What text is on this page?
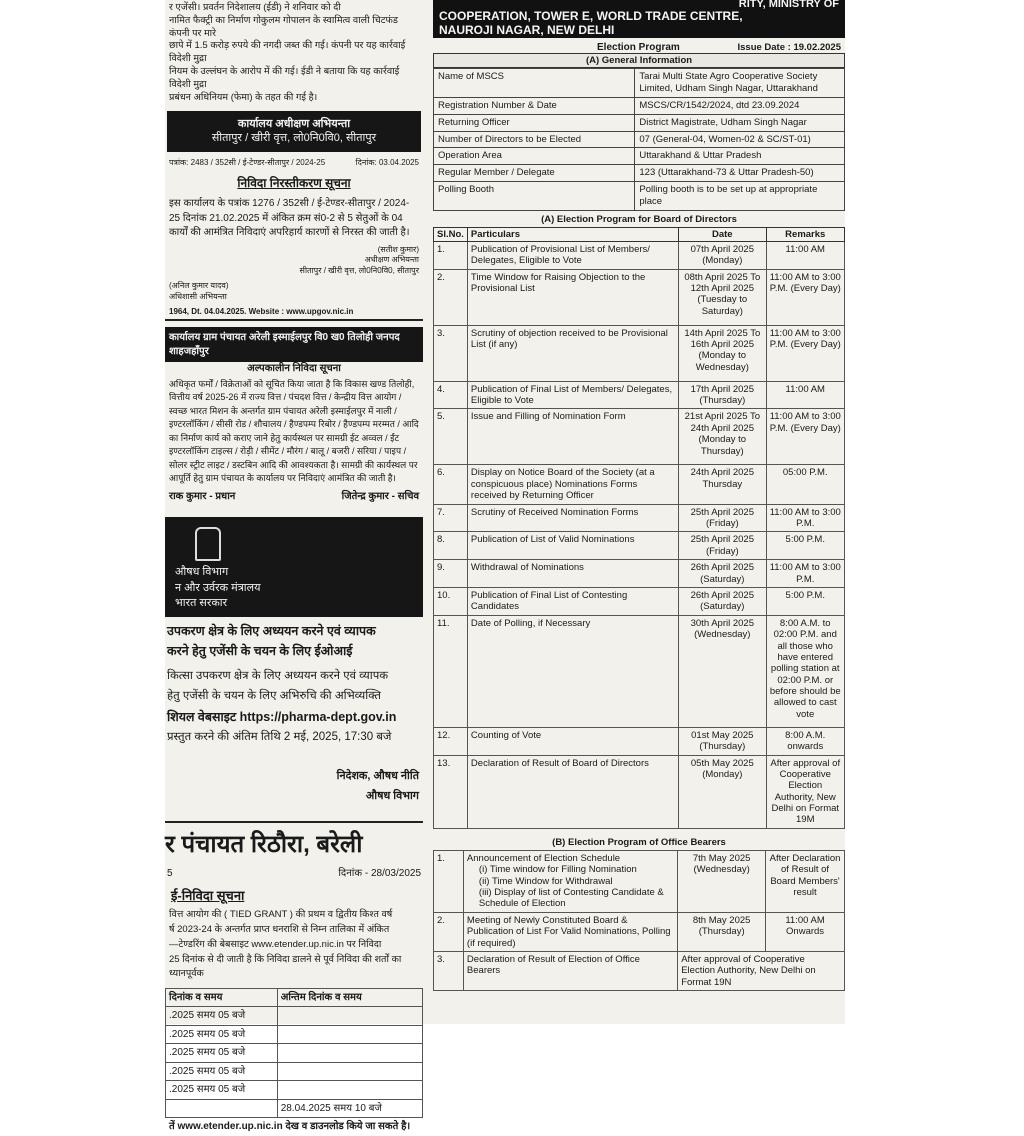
र एजेंसी। प्रवर्तन निदेशालय (ईडी) ने शनिवार को दी
नामित फैक्ट्री का निर्माण गोकुलम गोपालन के स्वामित्व वाली चिटफंड कंपनी पर मारे
छापे में 1.5 करोड़ रुपये की नगदी जब्त की गई। कंपनी पर यह कार्रवाई विदेशी मुद्रा
नियम के उल्लंघन के आरोप में की गई। ईडी ने बताया कि यह कार्रवाई विदेशी मुद्रा
प्रबंधन अधिनियम (फेमा) के तहत की गई है।
कार्यालय अधीक्षण अभियन्ता
सीतापुर / खीरी वृत्त, लो0नि0वि0, सीतापुर
पत्रांक: 2483 / 352सी / ई-टेण्डर-सीतापुर / 2024-25	दिनांक: 03.04.2025
निविदा निरस्तीकरण सूचना
इस कार्यालय के पत्रांक 1276 / 352सी / ई-टेण्डर-सीतापुर / 2024-25 दिनांक 21.02.2025 में अंकित क्रम सं0-2 से 5 सेतुओं के 04 कार्यों की आमंत्रित निविदाएं अपरिहार्य कारणों से निरस्त की जाती है।
(सतीश कुमार)
अधीक्षण अभियन्ता
सीतापुर / खीरी वृत्त, लो0नि0वि0, सीतापुर
(अनिल कुमार यादव)
अधिशासी अभियन्ता
1964, Dt. 04.04.2025. Website : www.upgov.nic.in
कार्यालय ग्राम पंचायत अरेली इस्माईलपुर वि0 ख0 तिलोही जनपद शाहजहाँपुर
अल्पकालीन निविदा सूचना
अधिकृत फर्मों / विक्रेताओं को सूचित किया जाता है कि विकास खण्ड तिलोही, वित्तीय वर्ष 2025-26 में राज्य वित्त / पंचदश वित्त / केन्द्रीय वित्त आयोग / स्वच्छ भारत मिशन के अन्तर्गत ग्राम पंचायत अरेली इस्माईलपुर में नाली / इण्टरलॉकिंग / सीसी रोड / शौचालय / हैण्डपम्प रिबोर / हैण्डपम्प मरम्मत / आदि का निर्माण कार्य को कराए जाने हेतु कार्यस्थल पर सामग्री ईट अव्वल / ईंट इण्टरलॉकिंग टाइल्स / रोड़ी / सीमेंट / मौरंग / बालू / बजरी / सरिया / पाइप / सोलर स्ट्रीट लाइट / डस्टबिन आदि की आवश्यकता है। सामग्री की कार्यस्थल पर आपूर्ति हेतु ग्राम पंचायत के कार्यालय पर निविदाएं आमंत्रित की जाती है।
राक कुमार - प्रधान	जितेन्द्र कुमार - सचिव
औषध विभाग
न और उर्वरक मंत्रालय
भारत सरकार
उपकरण क्षेत्र के लिए अध्ययन करने एवं व्यापक
करने हेतु एजेंसी के चयन के लिए ईओआई
कित्सा उपकरण क्षेत्र के लिए अध्ययन करने एवं व्यापक
हेतु एजेंसी के चयन के लिए अभिरुचि की अभिव्यक्ति
शियल वेबसाइट https://pharma-dept.gov.in
प्रस्तुत करने की अंतिम तिथि 2 मई, 2025, 17:30 बजे
निदेशक, औषध नीति
औषध विभाग
र पंचायत रिठौरा, बरेली
5	दिनांक - 28/03/2025
ई-निविदा सूचना
वित्त आयोग की ( TIED GRANT ) की प्रथम व द्वितीय किश्त वर्ष
र्ष 2023-24 के अन्तर्गत प्राप्त धनराशि से निम्न तालिका में अंकित
—टेण्डरिंग की बेबसाइट www.etender.up.nic.in पर निविदा
25 दिनांक से दी जाती है कि निविदा डालने से पूर्व निविदा की शर्तों का ध्यानपूर्वक
दिनांक व समय	अन्तिम दिनांक व समय
.2025 समय 05 बजे	
.2025 समय 05 बजे	
.2025 समय 05 बजे	
.2025 समय 05 बजे	
.2025 समय 05 बजे	
	28.04.2025 समय 10 बजे
तें www.etender.up.nic.in देख व डाउनलोड किये जा सकते है।
RITY, MINISTRY OF
COOPERATION, TOWER E, WORLD TRADE CENTRE,
NAUROJI NAGAR, NEW DELHI
Election Program	Issue Date : 19.02.2025
(A) General Information
Name of MSCS	Tarai Multi State Agro Cooperative Society Limited, Udham Singh Nagar, Uttarakhand
Registration Number & Date	MSCS/CR/1542/2024, dtd 23.09.2024
Returning Officer	District Magistrate, Udham Singh Nagar
Number of Directors to be Elected	07 (General-04, Women-02 & SC/ST-01)
Operation Area	Uttarakhand & Uttar Pradesh
Regular Member / Delegate	123 (Uttarakhand-73 & Uttar Pradesh-50)
Polling Booth	Polling booth is to be set up at appropriate place
(A) Election Program for Board of Directors
Sl.No.	Particulars	Date	Remarks
1.	Publication of Provisional List of Members/ Delegates, Eligible to Vote	07th April 2025 (Monday)	11:00 AM
2.	Time Window for Raising Objection to the Provisional List	08th April 2025 To 12th April 2025 (Tuesday to Saturday)	11:00 AM to 3:00 P.M. (Every Day)
3.	Scrutiny of objection received to be Provisional List (if any)	14th April 2025 To 16th April 2025 (Monday to Wednesday)	11:00 AM to 3:00 P.M. (Every Day)
4.	Publication of Final List of Members/ Delegates, Eligible to Vote	17th April 2025 (Thursday)	11:00 AM
5.	Issue and Filling of Nomination Form	21st April 2025 To 24th April 2025 (Monday to Thursday)	11:00 AM to 3:00 P.M. (Every Day)
6.	Display on Notice Board of the Society (at a conspicuous place) Nominations Forms received by Returning Officer	24th April 2025 Thursday	05:00 P.M.
7.	Scrutiny of Received Nomination Forms	25th April 2025 (Friday)	11:00 AM to 3:00 P.M.
8.	Publication of List of Valid Nominations	25th April 2025 (Friday)	5:00 P.M.
9.	Withdrawal of Nominations	26th April 2025 (Saturday)	11:00 AM to 3:00 P.M.
10.	Publication of Final List of Contesting Candidates	26th April 2025 (Saturday)	5:00 P.M.
11.	Date of Polling, if Necessary	30th April 2025 (Wednesday)	8:00 A.M. to 02:00 P.M. and all those who have entered polling station at 02:00 P.M. or before should be allowed to cast vote
12.	Counting of Vote	01st May 2025 (Thursday)	8:00 A.M. onwards
13.	Declaration of Result of Board of Directors	05th May 2025 (Monday)	After approval of Cooperative Election Authority, New Delhi on Format 19M
(B) Election Program of Office Bearers
1.	Announcement of Election Schedule
(i) Time window for Filling Nomination
(ii) Time Window for Withdrawal
(iii) Display of list of Contesting Candidate & Schedule of Election	7th May 2025 (Wednesday)	After Declaration of Result of Board Members' result
2.	Meeting of Newly Constituted Board & Publication of List For Valid Nominations, Polling (if required)	8th May 2025 (Thursday)	11:00 AM Onwards
3.	Declaration of Result of Election of Office Bearers	After approval of Cooperative Election Authority, New Delhi on Format 19N	
